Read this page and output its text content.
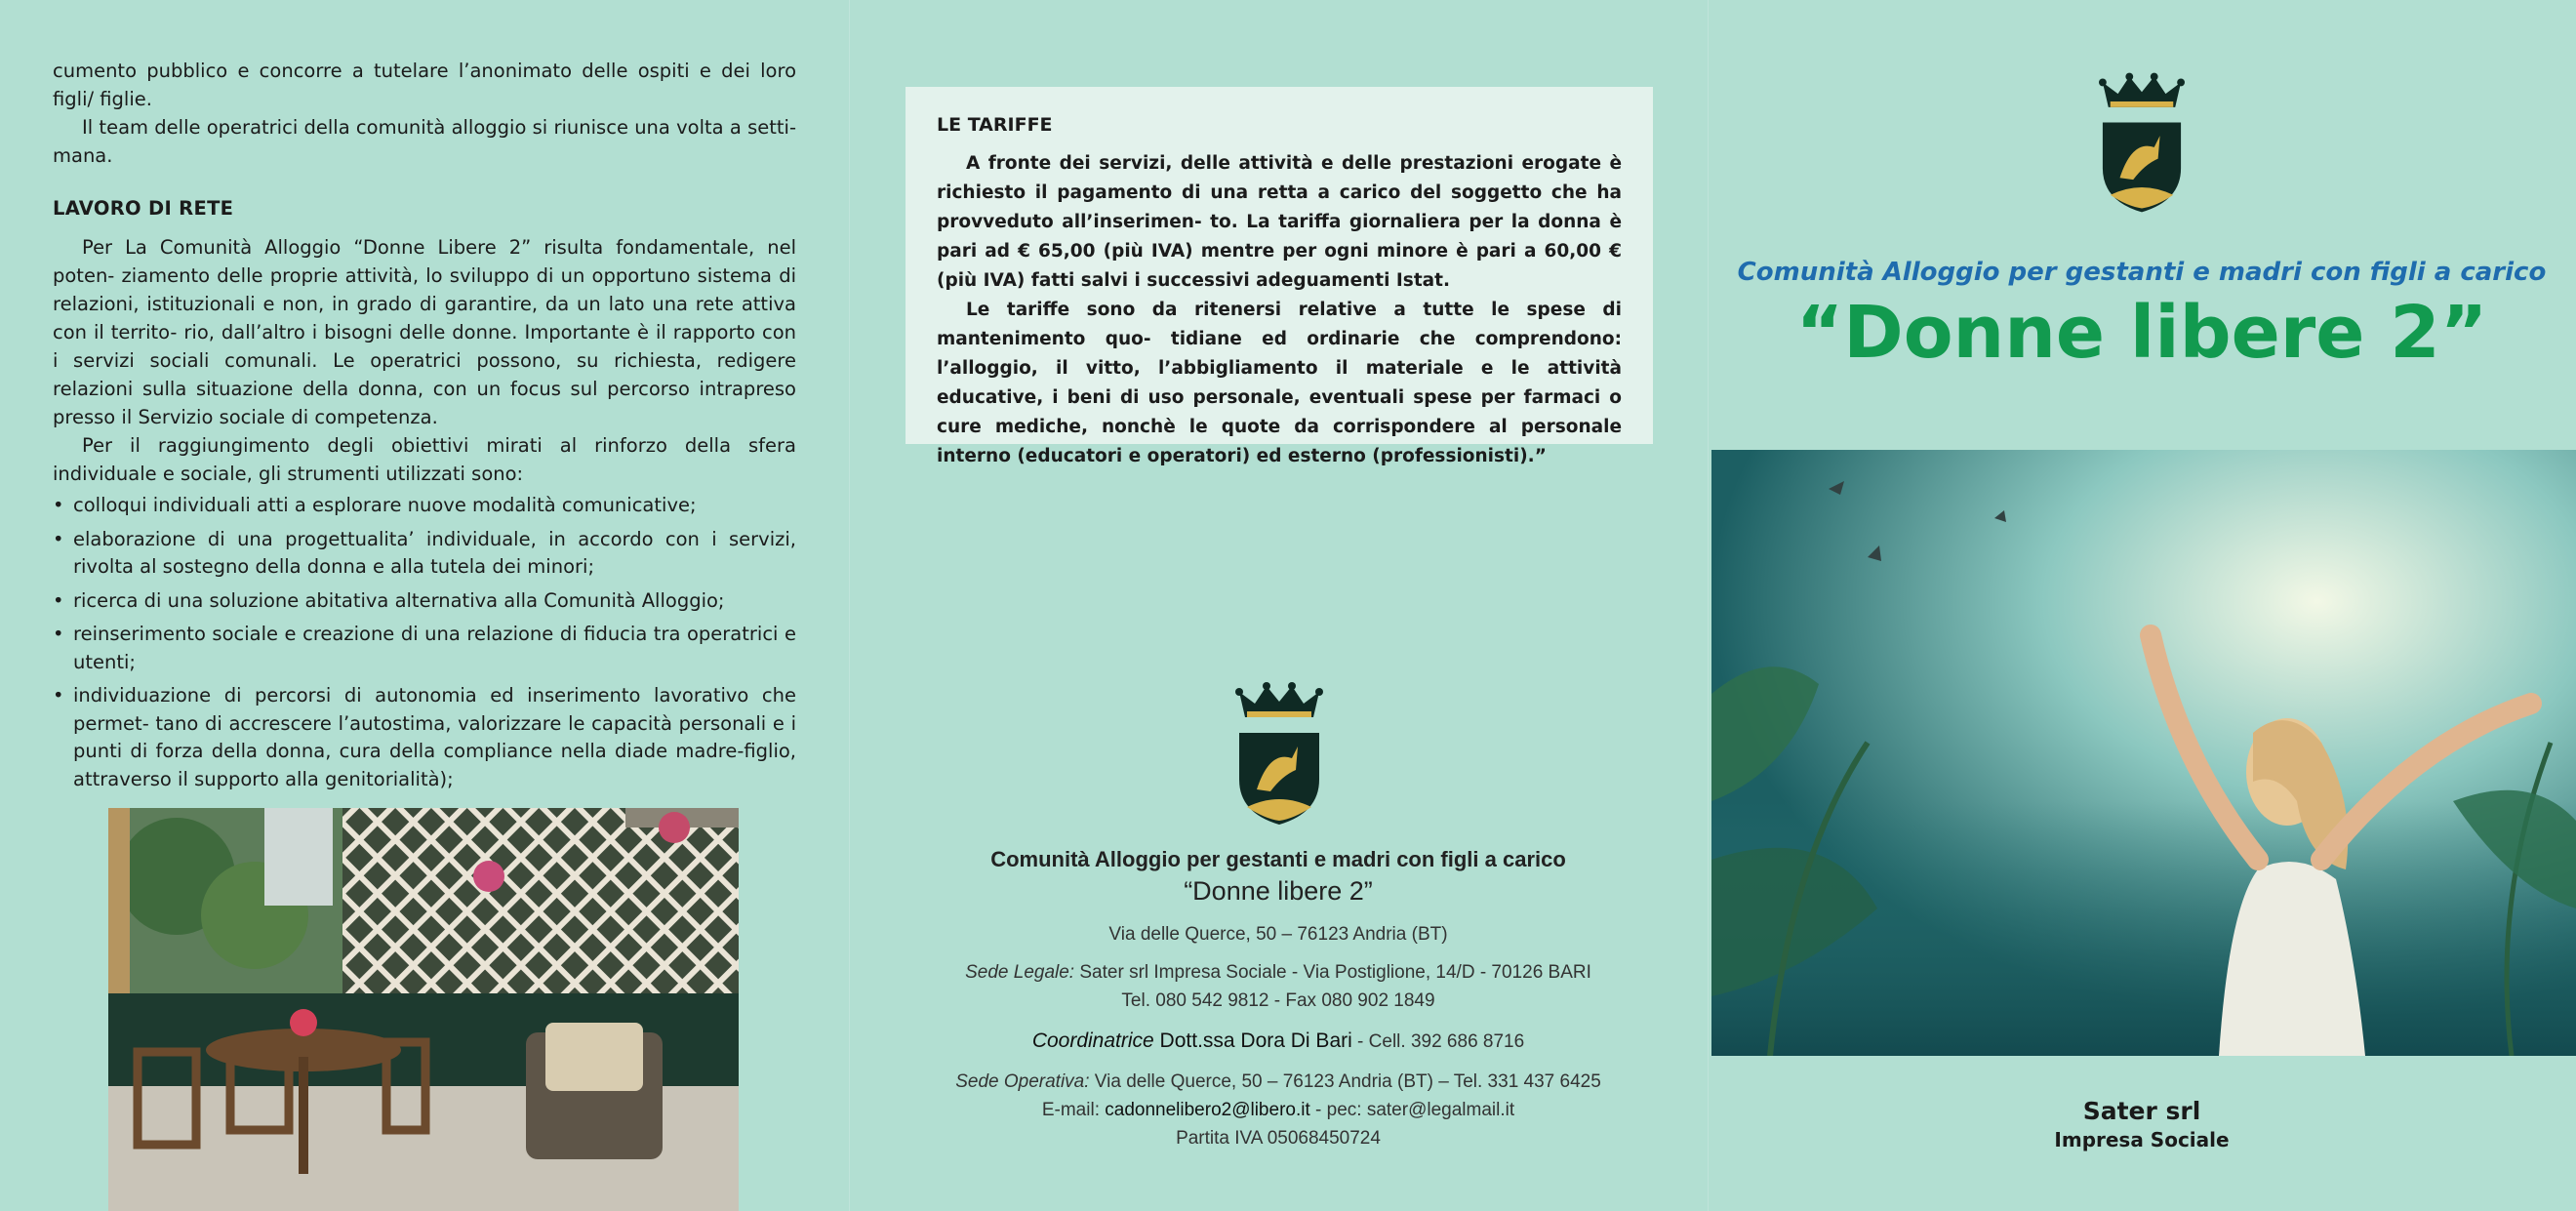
cumento pubblico e concorre a tutelare l’anonimato delle ospiti e dei loro figli/ figlie.

Il team delle operatrici della comunità alloggio si riunisce una volta a setti- mana.

LAVORO DI RETE

Per La Comunità Alloggio “Donne Libere 2” risulta fondamentale, nel poten- ziamento delle proprie attività, lo sviluppo di un opportuno sistema di relazioni, istituzionali e non, in grado di garantire, da un lato una rete attiva con il territo- rio, dall’altro i bisogni delle donne. Importante è il rapporto con i servizi sociali comunali. Le operatrici possono, su richiesta, redigere relazioni sulla situazione della donna, con un focus sul percorso intrapreso presso il Servizio sociale di competenza.

Per il raggiungimento degli obiettivi mirati al rinforzo della sfera individuale e sociale, gli strumenti utilizzati sono:

• colloqui individuali atti a esplorare nuove modalità comunicative;
• elaborazione di una progettualita’ individuale, in accordo con i servizi, rivolta al sostegno della donna e alla tutela dei minori;
• ricerca di una soluzione abitativa alternativa alla Comunità Alloggio;
• reinserimento sociale e creazione di una relazione di fiducia tra operatrici e utenti;
• individuazione di percorsi di autonomia ed inserimento lavorativo che permet- tano di accrescere l’autostima, valorizzare le capacità personali e i punti di forza della donna, cura della compliance nella diade madre-figlio, attraverso il supporto alla genitorialità);
LE TARIFFE

A fronte dei servizi, delle attività e delle prestazioni erogate è richiesto il pagamento di una retta a carico del soggetto che ha provveduto all’inserimen- to. La tariffa giornaliera per la donna è pari ad € 65,00 (più IVA) mentre per ogni minore è pari a 60,00 € (più IVA) fatti salvi i successivi adeguamenti Istat.

Le tariffe sono da ritenersi relative a tutte le spese di mantenimento quo- tidiane ed ordinarie che comprendono: l’alloggio, il vitto, l’abbigliamento il materiale e le attività educative, i beni di uso personale, eventuali spese per farmaci o cure mediche, nonchè le quote da corrispondere al personale interno (educatori e operatori) ed esterno (professionisti).”

Comunità Alloggio per gestanti e madri con figli a carico
“Donne libere 2”
Via delle Querce, 50 – 76123 Andria (BT)
Sede Legale: Sater srl Impresa Sociale - Via Postiglione, 14/D - 70126 BARI
Tel. 080 542 9812 - Fax 080 902 1849
Coordinatrice Dott.ssa Dora Di Bari - Cell. 392 686 8716
Sede Operativa: Via delle Querce, 50 – 76123 Andria (BT) – Tel. 331 437 6425
E-mail: cadonnelibero2@libero.it - pec: sater@legalmail.it
Partita IVA 05068450724
Comunità Alloggio per gestanti e madri con figli a carico
“Donne libere 2”
Sater srl
Impresa Sociale
